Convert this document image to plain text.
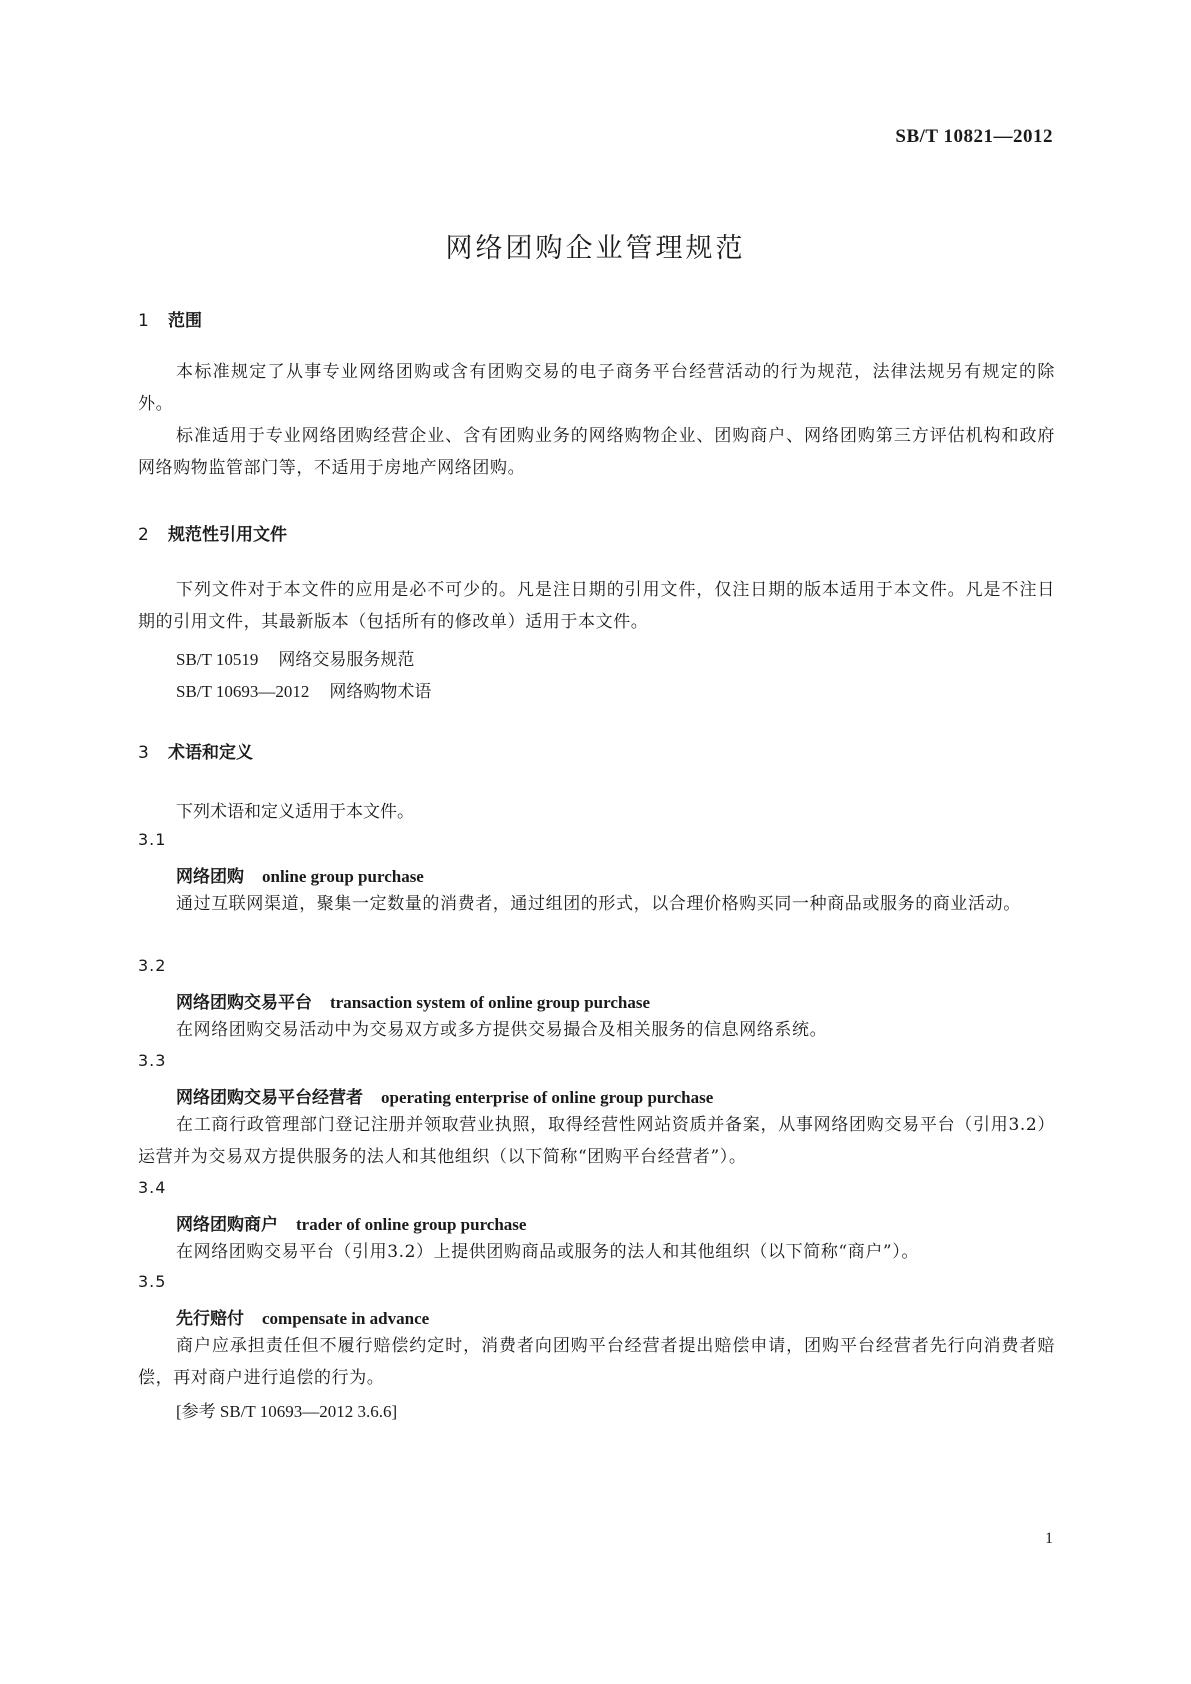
SB/T 10821—2012
网络团购企业管理规范
1 范围

本标准规定了从事专业网络团购或含有团购交易的电子商务平台经营活动的行为规范，法律法规另有规定的除外。

标准适用于专业网络团购经营企业、含有团购业务的网络购物企业、团购商户、网络团购第三方评估机构和政府网络购物监管部门等，不适用于房地产网络团购。

2 规范性引用文件

下列文件对于本文件的应用是必不可少的。凡是注日期的引用文件，仅注日期的版本适用于本文件。凡是不注日期的引用文件，其最新版本（包括所有的修改单）适用于本文件。

SB/T 10519 网络交易服务规范
SB/T 10693—2012 网络购物术语
3 术语和定义
下列术语和定义适用于本文件。
3.1
网络团购 online group purchase

通过互联网渠道，聚集一定数量的消费者，通过组团的形式，以合理价格购买同一种商品或服务的商业活动。

3.2
网络团购交易平台 transaction system of online group purchase

在网络团购交易活动中为交易双方或多方提供交易撮合及相关服务的信息网络系统。

3.3
网络团购交易平台经营者 operating enterprise of online group purchase

在工商行政管理部门登记注册并领取营业执照，取得经营性网站资质并备案，从事网络团购交易平台（引用3.2）运营并为交易双方提供服务的法人和其他组织（以下简称“团购平台经营者”）。

3.4
网络团购商户 trader of online group purchase

在网络团购交易平台（引用3.2）上提供团购商品或服务的法人和其他组织（以下简称“商户”）。

3.5
先行赔付 compensate in advance

商户应承担责任但不履行赔偿约定时，消费者向团购平台经营者提出赔偿申请，团购平台经营者先行向消费者赔偿，再对商户进行追偿的行为。

[参考 SB/T 10693—2012 3.6.6]
1
